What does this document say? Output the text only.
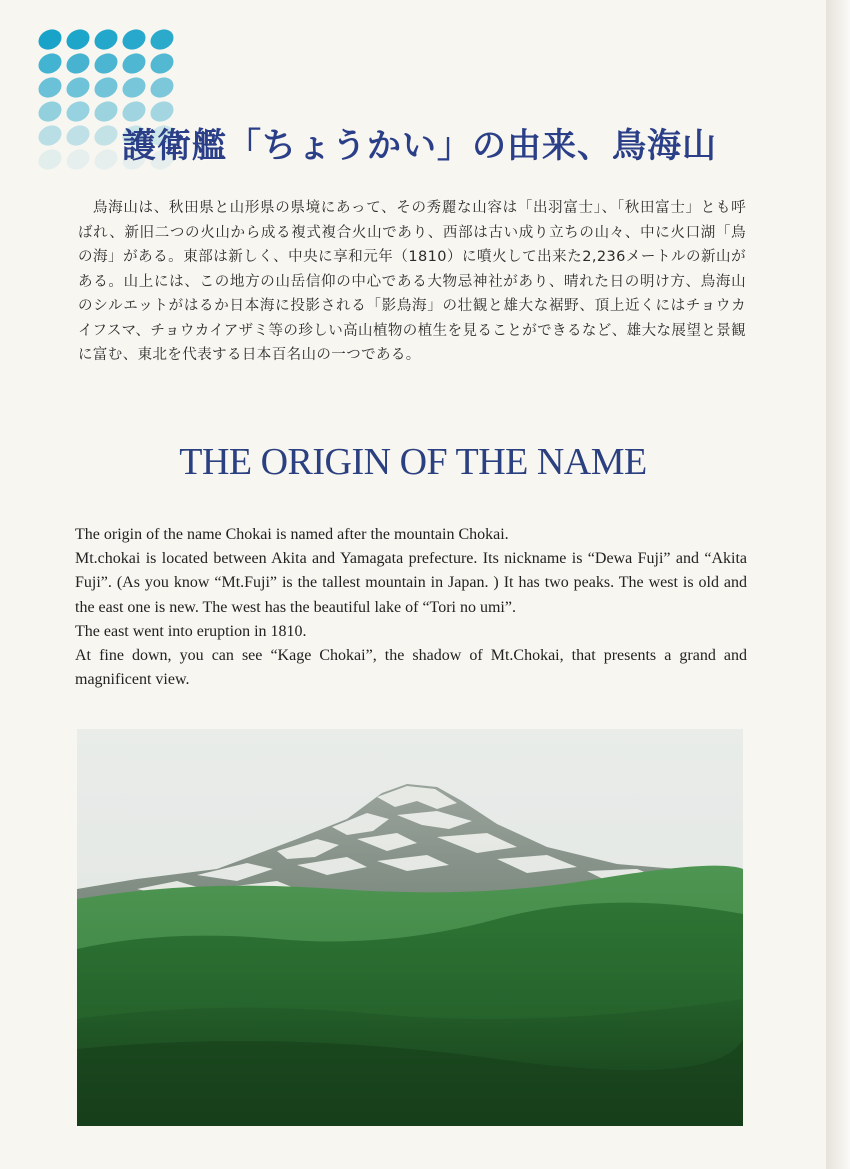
護衛艦「ちょうかい」の由来、鳥海山

鳥海山は、秋田県と山形県の県境にあって、その秀麗な山容は「出羽富士」、「秋田富士」とも呼ばれ、新旧二つの火山から成る複式複合火山であり、西部は古い成り立ちの山々、中に火口湖「鳥の海」がある。東部は新しく、中央に享和元年（1810）に噴火して出来た2,236メートルの新山がある。山上には、この地方の山岳信仰の中心である大物忌神社があり、晴れた日の明け方、鳥海山のシルエットがはるか日本海に投影される「影鳥海」の壮観と雄大な裾野、頂上近くにはチョウカイフスマ、チョウカイアザミ等の珍しい高山植物の植生を見ることができるなど、雄大な展望と景観に富む、東北を代表する日本百名山の一つである。

THE ORIGIN OF THE NAME

The origin of the name Chokai is named after the mountain Chokai.

Mt.chokai is located between Akita and Yamagata prefecture. Its nickname is “Dewa Fuji” and “Akita Fuji”. (As you know “Mt.Fuji” is the tallest mountain in Japan. ) It has two peaks. The west is old and the east one is new. The west has the beautiful lake of “Tori no umi”.

The east went into eruption in 1810.

At fine down, you can see “Kage Chokai”, the shadow of Mt.Chokai, that presents a grand and magnificent view.
